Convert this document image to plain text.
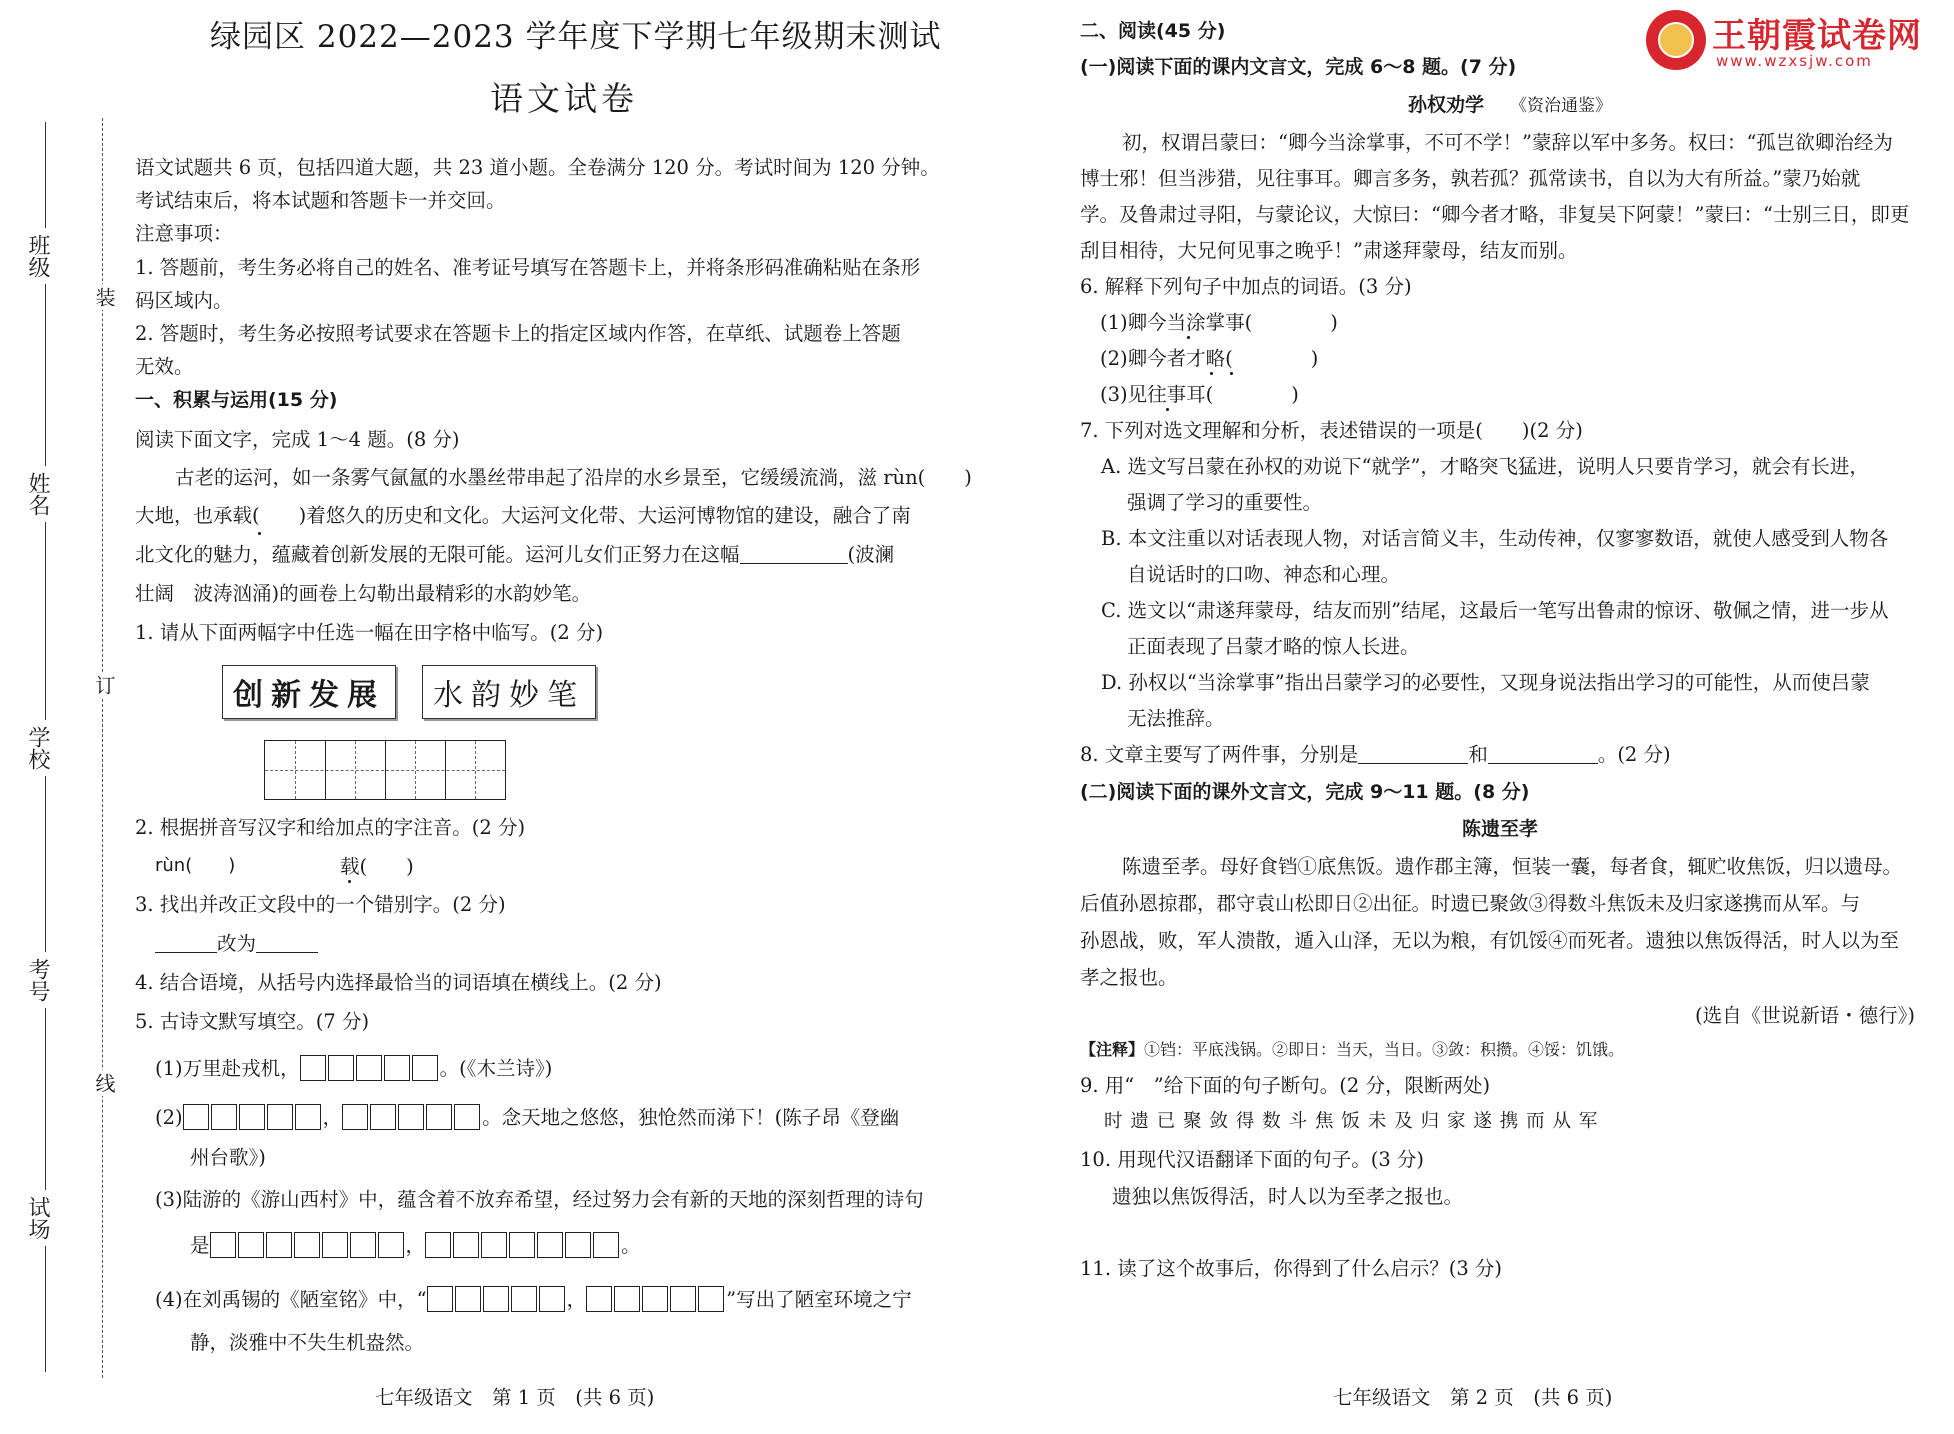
班级
姓名
学校
考号
试场
装
订
线
绿园区 2022—2023 学年度下学期七年级期末测试
语文试卷
语文试题共 6 页，包括四道大题，共 23 道小题。全卷满分 120 分。考试时间为 120 分钟。
考试结束后，将本试题和答题卡一并交回。
注意事项：
1. 答题前，考生务必将自己的姓名、准考证号填写在答题卡上，并将条形码准确粘贴在条形
码区域内。
2. 答题时，考生务必按照考试要求在答题卡上的指定区域内作答，在草纸、试题卷上答题
无效。
一、积累与运用(15 分)
阅读下面文字，完成 1～4 题。(8 分)
古老的运河，如一条雾气氤氲的水墨丝带串起了沿岸的水乡景至，它缓缓流淌，滋 rùn(　　)
大地，也承载(　　)着悠久的历史和文化。大运河文化带、大运河博物馆的建设，融合了南
北文化的魅力，蕴藏着创新发展的无限可能。运河儿女们正努力在这幅	(波澜
壮阔　波涛汹涌)的画卷上勾勒出最精彩的水韵妙笔。
1. 请从下面两幅字中任选一幅在田字格中临写。(2 分)
创新发展	水韵妙笔
2. 根据拼音写汉字和给加点的字注音。(2 分)
rùn(　　)	载(　　)
3. 找出并改正文段中的一个错别字。(2 分)
改为
4. 结合语境，从括号内选择最恰当的词语填在横线上。(2 分)
5. 古诗文默写填空。(7 分)
(1)万里赴戎机，	。(《木兰诗》)
(2)	，	。念天地之悠悠，独怆然而涕下！(陈子昂《登幽
州台歌》)
(3)陆游的《游山西村》中，蕴含着不放弃希望，经过努力会有新的天地的深刻哲理的诗句
是	，	。
(4)在刘禹锡的《陋室铭》中，“	，	”写出了陋室环境之宁
静，淡雅中不失生机盎然。
七年级语文　第 1 页　(共 6 页)
王朝霞试卷网
www.wzxsjw.com
二、阅读(45 分)
(一)阅读下面的课内文言文，完成 6～8 题。(7 分)
孙权劝学 《资治通鉴》
初，权谓吕蒙曰：“卿今当涂掌事，不可不学！”蒙辞以军中多务。权曰：“孤岂欲卿治经为
博士邪！但当涉猎，见往事耳。卿言多务，孰若孤？孤常读书，自以为大有所益。”蒙乃始就
学。及鲁肃过寻阳，与蒙论议，大惊曰：“卿今者才略，非复吴下阿蒙！”蒙曰：“士别三日，即更
刮目相待，大兄何见事之晚乎！”肃遂拜蒙母，结友而别。
6. 解释下列句子中加点的词语。(3 分)
(1)卿今当涂掌事(　　　　)
(2)卿今者才略(　　　　)
(3)见往事耳(　　　　)
7. 下列对选文理解和分析，表述错误的一项是(　　)(2 分)
A. 选文写吕蒙在孙权的劝说下“就学”，才略突飞猛进，说明人只要肯学习，就会有长进，
强调了学习的重要性。
B. 本文注重以对话表现人物，对话言简义丰，生动传神，仅寥寥数语，就使人感受到人物各
自说话时的口吻、神态和心理。
C. 选文以“肃遂拜蒙母，结友而别”结尾，这最后一笔写出鲁肃的惊讶、敬佩之情，进一步从
正面表现了吕蒙才略的惊人长进。
D. 孙权以“当涂掌事”指出吕蒙学习的必要性，又现身说法指出学习的可能性，从而使吕蒙
无法推辞。
8. 文章主要写了两件事，分别是	和	。(2 分)
(二)阅读下面的课外文言文，完成 9～11 题。(8 分)
陈遗至孝
陈遗至孝。母好食铛①底焦饭。遗作郡主簿，恒装一囊，每者食，辄贮收焦饭，归以遗母。
后值孙恩掠郡，郡守袁山松即日②出征。时遗已聚敛③得数斗焦饭未及归家遂携而从军。与
孙恩战，败，军人溃散，遁入山泽，无以为粮，有饥馁④而死者。遗独以焦饭得活，时人以为至
孝之报也。
(选自《世说新语・德行》)
【注释】①铛：平底浅锅。②即日：当天，当日。③敛：积攒。④馁：饥饿。
9. 用“　”给下面的句子断句。(2 分，限断两处)
时 遗 已 聚 敛 得 数 斗 焦 饭 未 及 归 家 遂 携 而 从 军
10. 用现代汉语翻译下面的句子。(3 分)
遗独以焦饭得活，时人以为至孝之报也。
11. 读了这个故事后，你得到了什么启示？(3 分)
七年级语文　第 2 页　(共 6 页)
